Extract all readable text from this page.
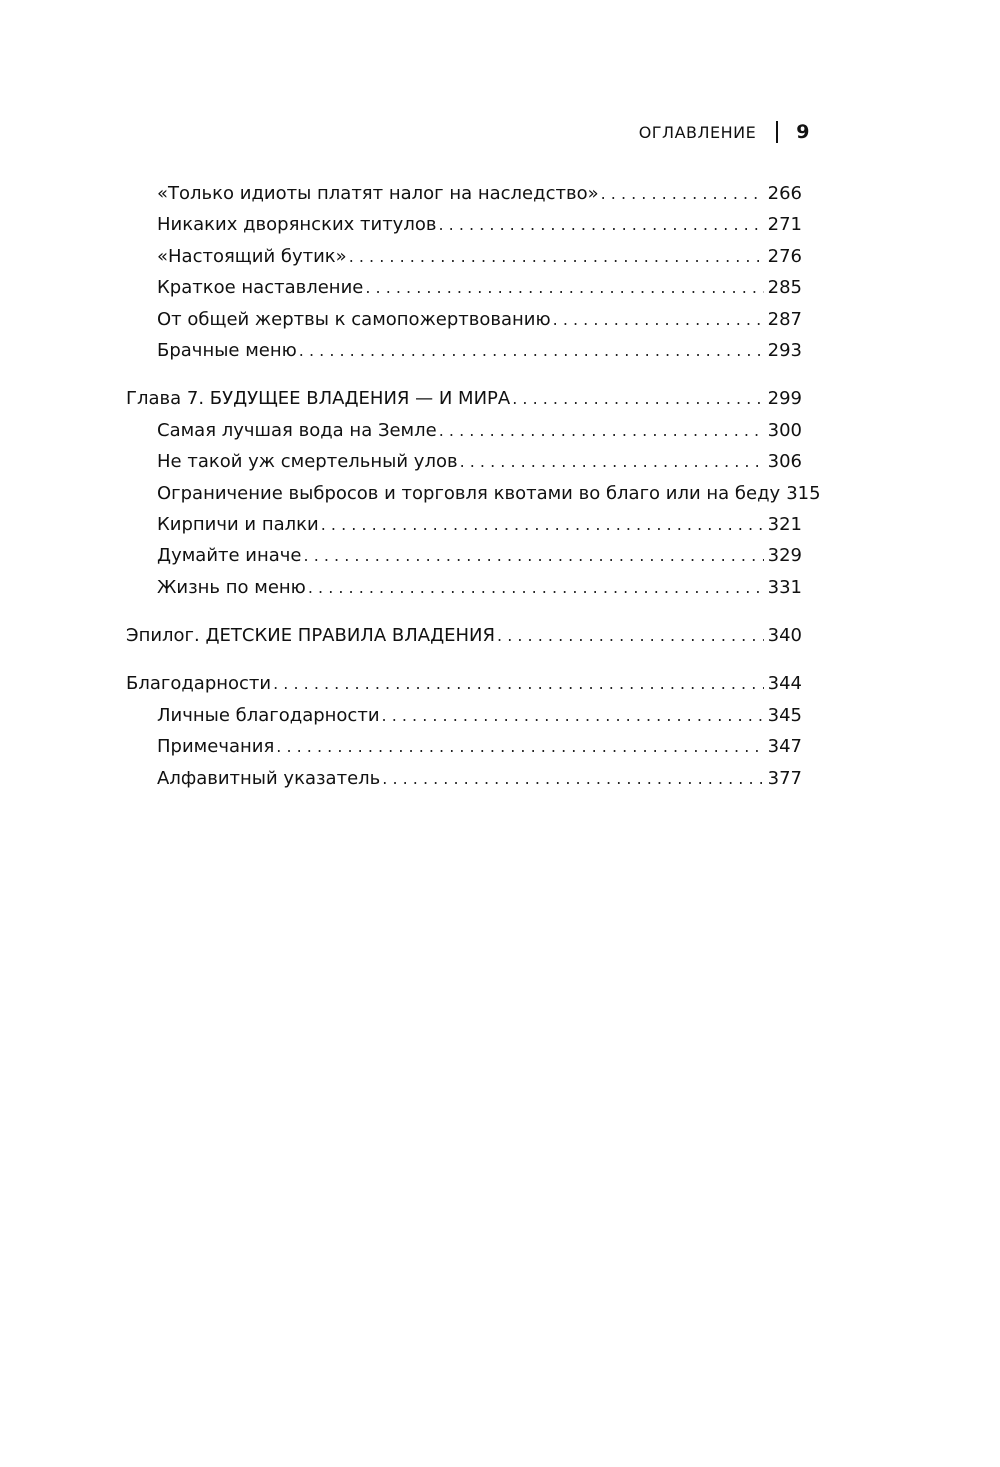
ОГЛАВЛЕНИЕ 9
«Только идиоты платят налог на наследство» . . .	266
Никаких дворянских титулов . . .	271
«Настоящий бутик» . . .	276
Краткое наставление . . .	285
От общей жертвы к самопожертвованию . . .	287
Брачные меню . . .	293
Глава 7. БУДУЩЕЕ ВЛАДЕНИЯ — И МИРА . . .	299
Самая лучшая вода на Земле . . .	300
Не такой уж смертельный улов . . .	306
Ограничение выбросов и торговля квотами во благо или на беду 315
Кирпичи и палки . . .	321
Думайте иначе . . .	329
Жизнь по меню . . .	331
Эпилог. ДЕТСКИЕ ПРАВИЛА ВЛАДЕНИЯ . . .	340
Благодарности . . .	344
Личные благодарности . . .	345
Примечания . . .	347
Алфавитный указатель . . .	377
